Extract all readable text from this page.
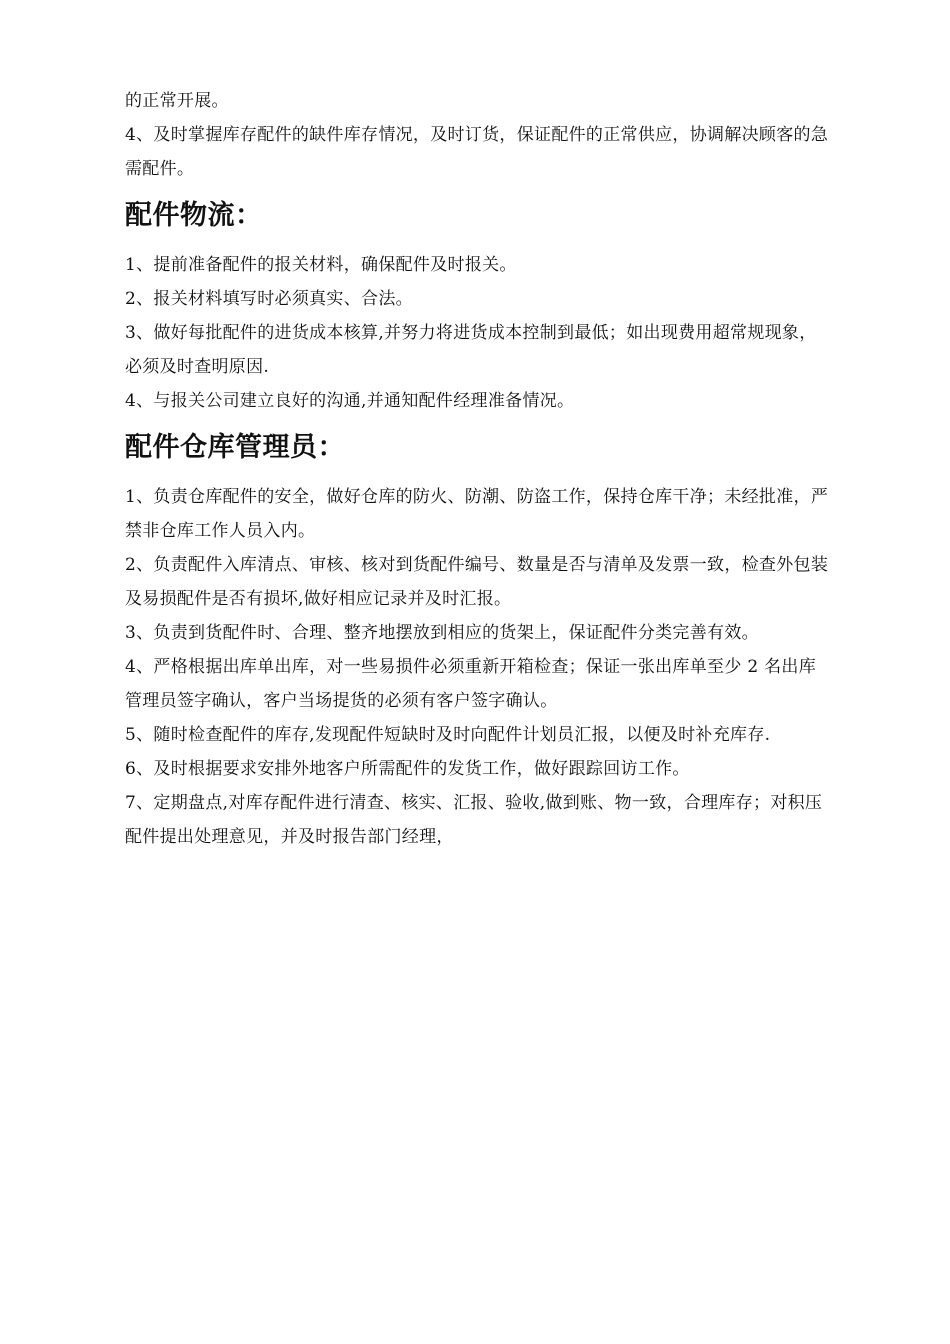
的正常开展。

4、及时掌握库存配件的缺件库存情况，及时订货，保证配件的正常供应，协调解决顾客的急需配件。

配件物流：

1、提前准备配件的报关材料，确保配件及时报关。

2、报关材料填写时必须真实、合法。

3、做好每批配件的进货成本核算,并努力将进货成本控制到最低；如出现费用超常规现象，必须及时查明原因.

4、与报关公司建立良好的沟通,并通知配件经理准备情况。

配件仓库管理员：

1、负责仓库配件的安全，做好仓库的防火、防潮、防盗工作，保持仓库干净；未经批准，严禁非仓库工作人员入内。

2、负责配件入库清点、审核、核对到货配件编号、数量是否与清单及发票一致，检查外包装及易损配件是否有损坏,做好相应记录并及时汇报。

3、负责到货配件时、合理、整齐地摆放到相应的货架上，保证配件分类完善有效。

4、严格根据出库单出库，对一些易损件必须重新开箱检查；保证一张出库单至少 2 名出库管理员签字确认，客户当场提货的必须有客户签字确认。

5、随时检查配件的库存,发现配件短缺时及时向配件计划员汇报，以便及时补充库存.

6、及时根据要求安排外地客户所需配件的发货工作，做好跟踪回访工作。

7、定期盘点,对库存配件进行清查、核实、汇报、验收,做到账、物一致，合理库存；对积压配件提出处理意见，并及时报告部门经理，
